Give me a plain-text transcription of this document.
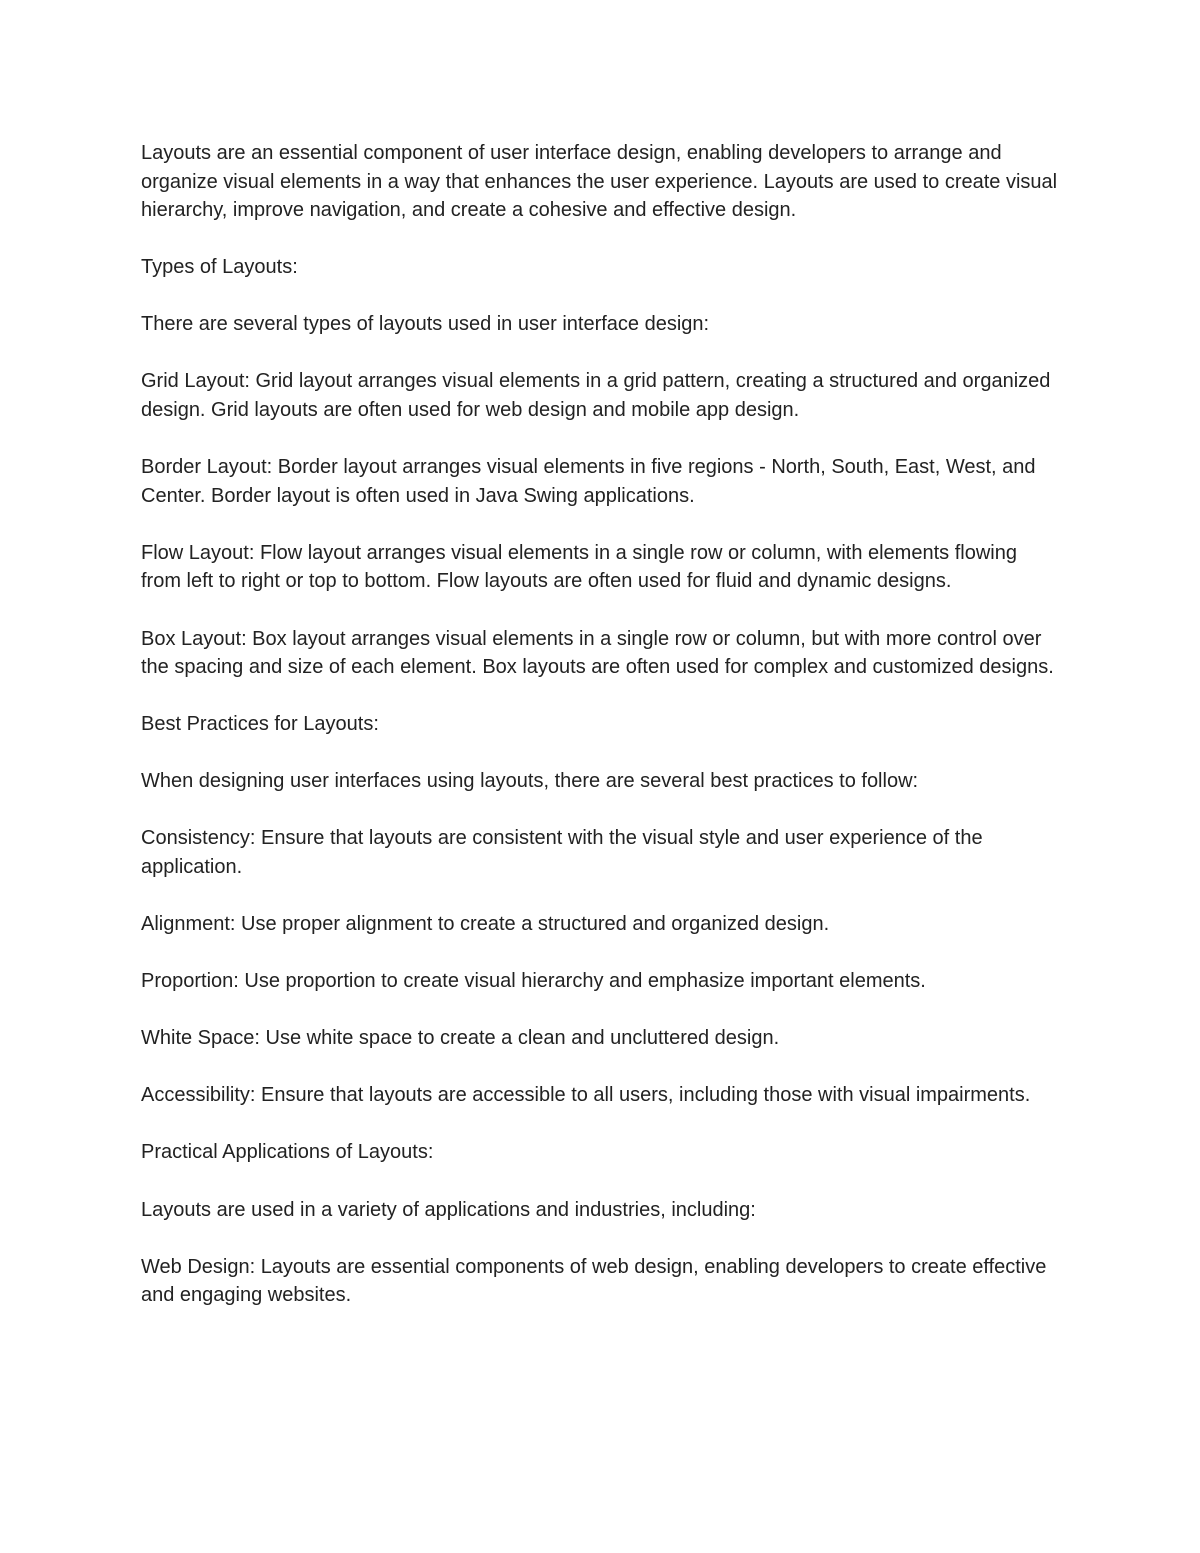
Layouts are an essential component of user interface design, enabling developers to arrange and organize visual elements in a way that enhances the user experience. Layouts are used to create visual hierarchy, improve navigation, and create a cohesive and effective design.

Types of Layouts:

There are several types of layouts used in user interface design:

Grid Layout: Grid layout arranges visual elements in a grid pattern, creating a structured and organized design. Grid layouts are often used for web design and mobile app design.

Border Layout: Border layout arranges visual elements in five regions - North, South, East, West, and Center. Border layout is often used in Java Swing applications.

Flow Layout: Flow layout arranges visual elements in a single row or column, with elements flowing from left to right or top to bottom. Flow layouts are often used for fluid and dynamic designs.

Box Layout: Box layout arranges visual elements in a single row or column, but with more control over the spacing and size of each element. Box layouts are often used for complex and customized designs.

Best Practices for Layouts:

When designing user interfaces using layouts, there are several best practices to follow:

Consistency: Ensure that layouts are consistent with the visual style and user experience of the application.

Alignment: Use proper alignment to create a structured and organized design.

Proportion: Use proportion to create visual hierarchy and emphasize important elements.

White Space: Use white space to create a clean and uncluttered design.

Accessibility: Ensure that layouts are accessible to all users, including those with visual impairments.

Practical Applications of Layouts:

Layouts are used in a variety of applications and industries, including:

Web Design: Layouts are essential components of web design, enabling developers to create effective and engaging websites.
